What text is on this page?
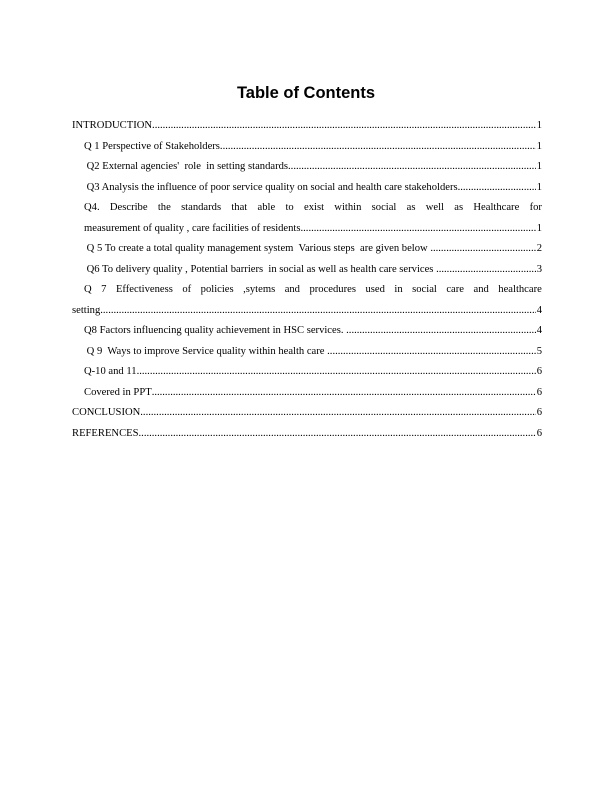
Table of Contents
INTRODUCTION .....	1
Q 1 Perspective of Stakeholders .....	1
Q2 External agencies'  role  in setting standards .....	1
Q3 Analysis the influence of poor service quality on social and health care stakeholders .....	1
Q4. Describe the standards that able to exist within social as well as Healthcare for
measurement of quality , care facilities of residents .....	1
Q 5 To create a total quality management system  Various steps  are given below .....	2
Q6 To delivery quality , Potential barriers  in social as well as health care services .....	3
Q 7 Effectiveness of policies ,sytems and procedures used in social care and healthcare
setting .....	4
Q8 Factors influencing quality achievement in HSC services. .....	4
Q 9  Ways to improve Service quality within health care .....	5
Q-10 and 11 .....	6
Covered in PPT .....	6
CONCLUSION .....	6
REFERENCES .....	6
